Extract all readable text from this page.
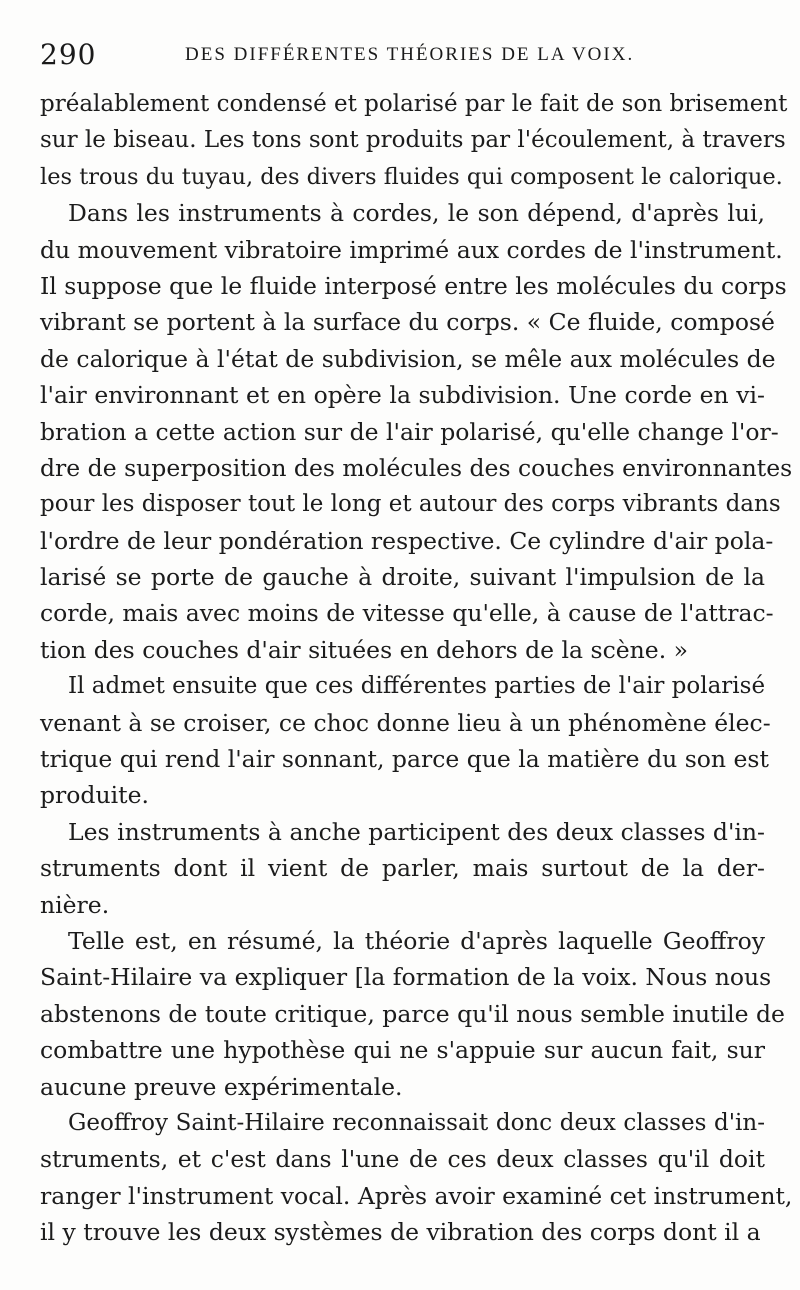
290	DES DIFFÉRENTES THÉORIES DE LA VOIX.
préalablement condensé et polarisé par le fait de son brisement
sur le biseau. Les tons sont produits par l'écoulement, à travers
les trous du tuyau, des divers fluides qui composent le calorique.
Dans les instruments à cordes, le son dépend, d'après lui,
du mouvement vibratoire imprimé aux cordes de l'instrument.
Il suppose que le fluide interposé entre les molécules du corps
vibrant se portent à la surface du corps. « Ce fluide, composé
de calorique à l'état de subdivision, se mêle aux molécules de
l'air environnant et en opère la subdivision. Une corde en vi-
bration a cette action sur de l'air polarisé, qu'elle change l'or-
dre de superposition des molécules des couches environnantes
pour les disposer tout le long et autour des corps vibrants dans
l'ordre de leur pondération respective. Ce cylindre d'air pola-
larisé se porte de gauche à droite, suivant l'impulsion de la
corde, mais avec moins de vitesse qu'elle, à cause de l'attrac-
tion des couches d'air situées en dehors de la scène. »
Il admet ensuite que ces différentes parties de l'air polarisé
venant à se croiser, ce choc donne lieu à un phénomène élec-
trique qui rend l'air sonnant, parce que la matière du son est
produite.
Les instruments à anche participent des deux classes d'in-
struments dont il vient de parler, mais surtout de la der-
nière.
Telle est, en résumé, la théorie d'après laquelle Geoffroy
Saint-Hilaire va expliquer [la formation de la voix. Nous nous
abstenons de toute critique, parce qu'il nous semble inutile de
combattre une hypothèse qui ne s'appuie sur aucun fait, sur
aucune preuve expérimentale.
Geoffroy Saint-Hilaire reconnaissait donc deux classes d'in-
struments, et c'est dans l'une de ces deux classes qu'il doit
ranger l'instrument vocal. Après avoir examiné cet instrument,
il y trouve les deux systèmes de vibration des corps dont il a
